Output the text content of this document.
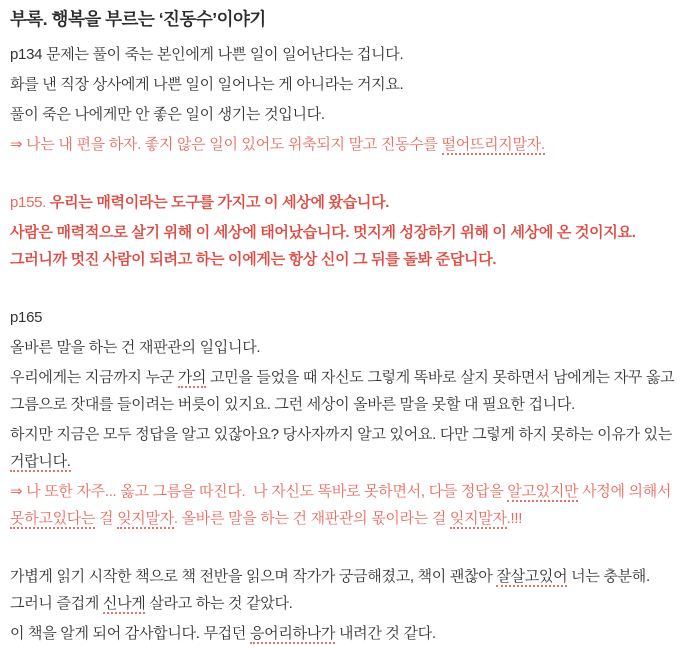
부록. 행복을 부르는 ‘진동수’이야기

p134 문제는 풀이 죽는 본인에게 나쁜 일이 일어난다는 겁니다.

화를 낸 직장 상사에게 나쁜 일이 일어나는 게 아니라는 거지요.

풀이 죽은 나에게만 안 좋은 일이 생기는 것입니다.

⇒ 나는 내 편을 하자. 좋지 않은 일이 있어도 위축되지 말고 진동수를 떨어뜨리지말자.

p155. 우리는 매력이라는 도구를 가지고 이 세상에 왔습니다.

사람은 매력적으로 살기 위해 이 세상에 태어났습니다. 멋지게 성장하기 위해 이 세상에 온 것이지요. 그러니까 멋진 사람이 되려고 하는 이에게는 항상 신이 그 뒤를 돌봐 준답니다.

p165

올바른 말을 하는 건 재판관의 일입니다.

우리에게는 지금까지 누군 가의 고민을 들었을 때 자신도 그렇게 똑바로 살지 못하면서 남에게는 자꾸 옳고 그름으로 잣대를 들이려는 버릇이 있지요. 그런 세상이 올바른 말을 못할 대 필요한 겁니다.

하지만 지금은 모두 정답을 알고 있잖아요? 당사자까지 알고 있어요. 다만 그렇게 하지 못하는 이유가 있는 거랍니다.

⇒ 나 또한 자주... 옳고 그름을 따진다.  나 자신도 똑바로 못하면서, 다들 정답을 알고있지만 사정에 의해서 못하고있다는 걸 잊지말자. 올바른 말을 하는 건 재판관의 몫이라는 걸 잊지말자.!!!

가볍게 읽기 시작한 책으로 책 전반을 읽으며 작가가 궁금해졌고, 책이 괜찮아 잘살고있어 너는 충분해. 그러니 즐겁게 신나게 살라고 하는 것 같았다.

이 책을 알게 되어 감사합니다. 무겁던 응어리하나가 내려간 것 같다.
